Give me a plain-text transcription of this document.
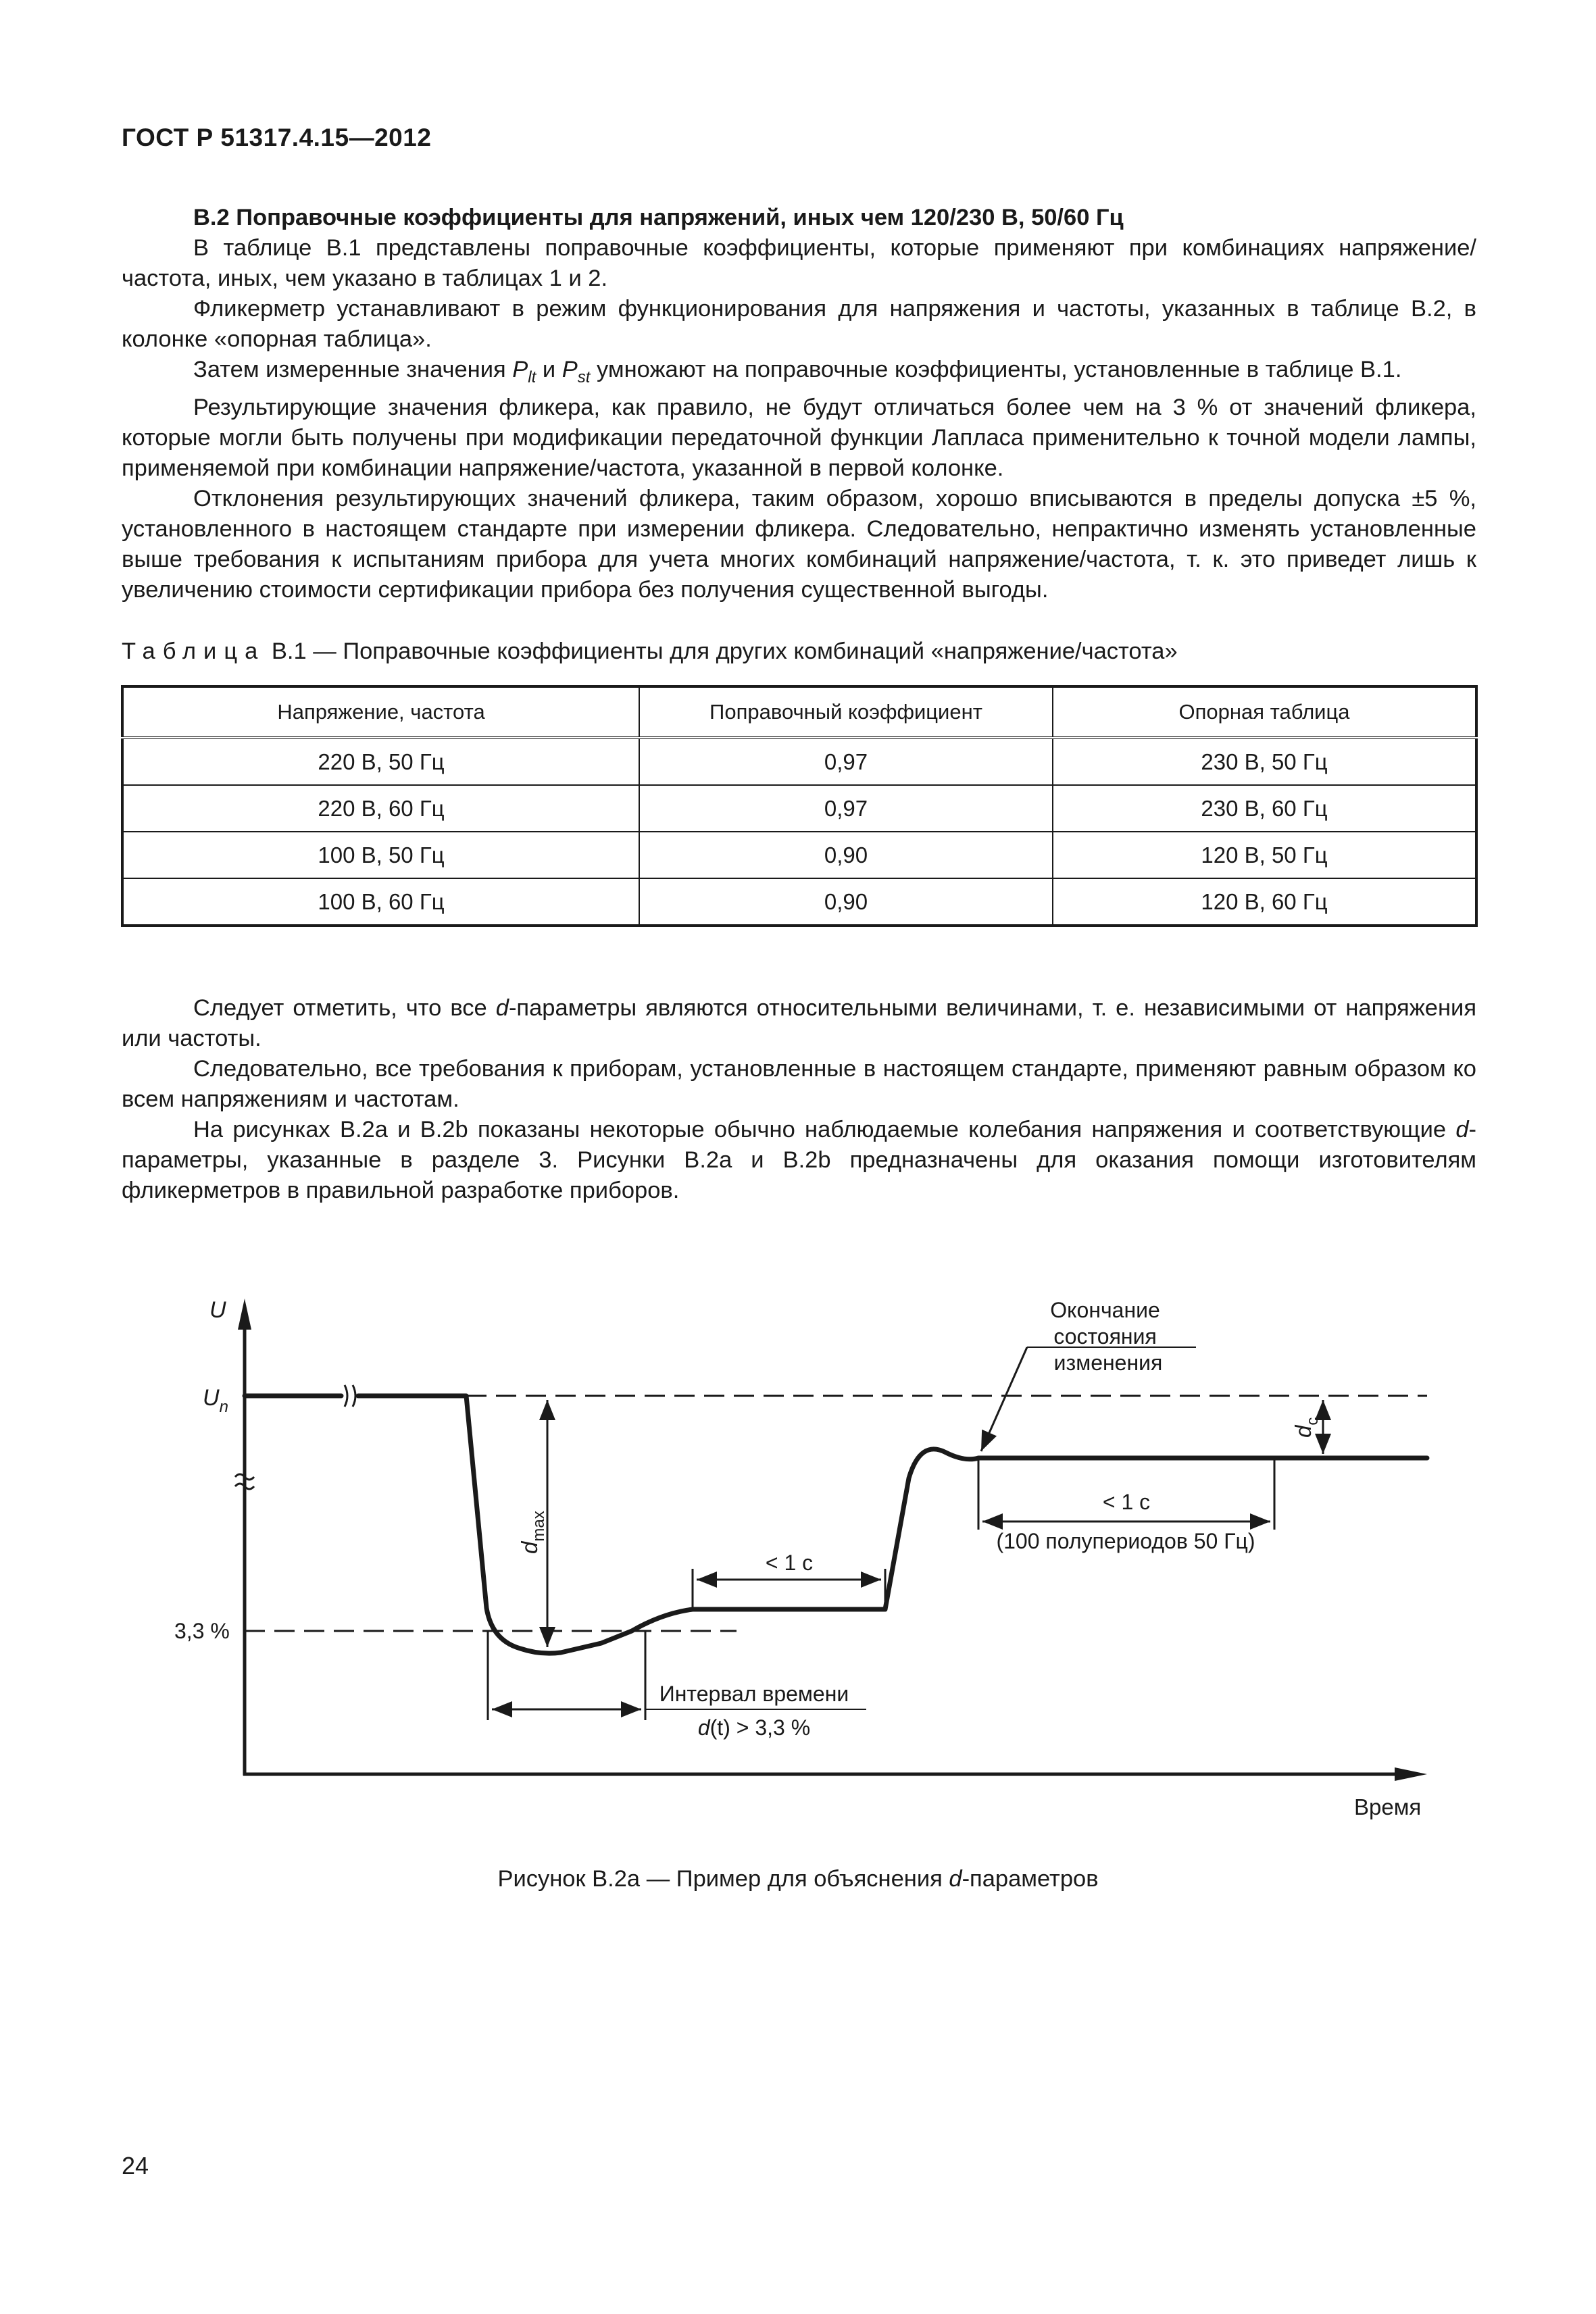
ГОСТ Р 51317.4.15—2012

В.2 Поправочные коэффициенты для напряжений, иных чем 120/230 В, 50/60 Гц

В таблице В.1 представлены поправочные коэффициенты, которые применяют при комбинациях напряжение/частота, иных, чем указано в таблицах 1 и 2.

Фликерметр устанавливают в режим функционирования для напряжения и частоты, указанных в таблице В.2, в колонке «опорная таблица».

Затем измеренные значения $P_{lt}$ и $P_{st}$ умножают на поправочные коэффициенты, установленные в таблице В.1.

Результирующие значения фликера, как правило, не будут отличаться более чем на 3 % от значений фликера, которые могли быть получены при модификации передаточной функции Лапласа применительно к точной модели лампы, применяемой при комбинации напряжение/частота, указанной в первой колонке.

Отклонения результирующих значений фликера, таким образом, хорошо вписываются в пределы допуска ±5 %, установленного в настоящем стандарте при измерении фликера. Следовательно, непрактично изменять установленные выше требования к испытаниям прибора для учета многих комбинаций напряжение/частота, т. к. это приведет лишь к увеличению стоимости сертификации прибора без получения существенной выгоды.

Таблица В.1 — Поправочные коэффициенты для других комбинаций «напряжение/частота»
Напряжение, частота	Поправочный коэффициент	Опорная таблица
220 В, 50 Гц	0,97	230 В, 50 Гц
220 В, 60 Гц	0,97	230 В, 60 Гц
100 В, 50 Гц	0,90	120 В, 50 Гц
100 В, 60 Гц	0,90	120 В, 60 Гц

Следует отметить, что все d-параметры являются относительными величинами, т. е. независимыми от напряжения или частоты.

Следовательно, все требования к приборам, установленные в настоящем стандарте, применяют равным образом ко всем напряжениям и частотам.

На рисунках В.2a и В.2b показаны некоторые обычно наблюдаемые колебания напряжения и соответствующие d-параметры, указанные в разделе 3. Рисунки В.2a и В.2b предназначены для оказания помощи изготовителям фликерметров в правильной разработке приборов.

U
$U_n$
3,3 %
Время
$d_{max}$
$d_c$
Окончание состояния изменения
< 1 с
< 1 с
(100 полупериодов 50 Гц)
Интервал времени
d(t) > 3,3 %
Рисунок В.2а — Пример для объяснения d-параметров
24
